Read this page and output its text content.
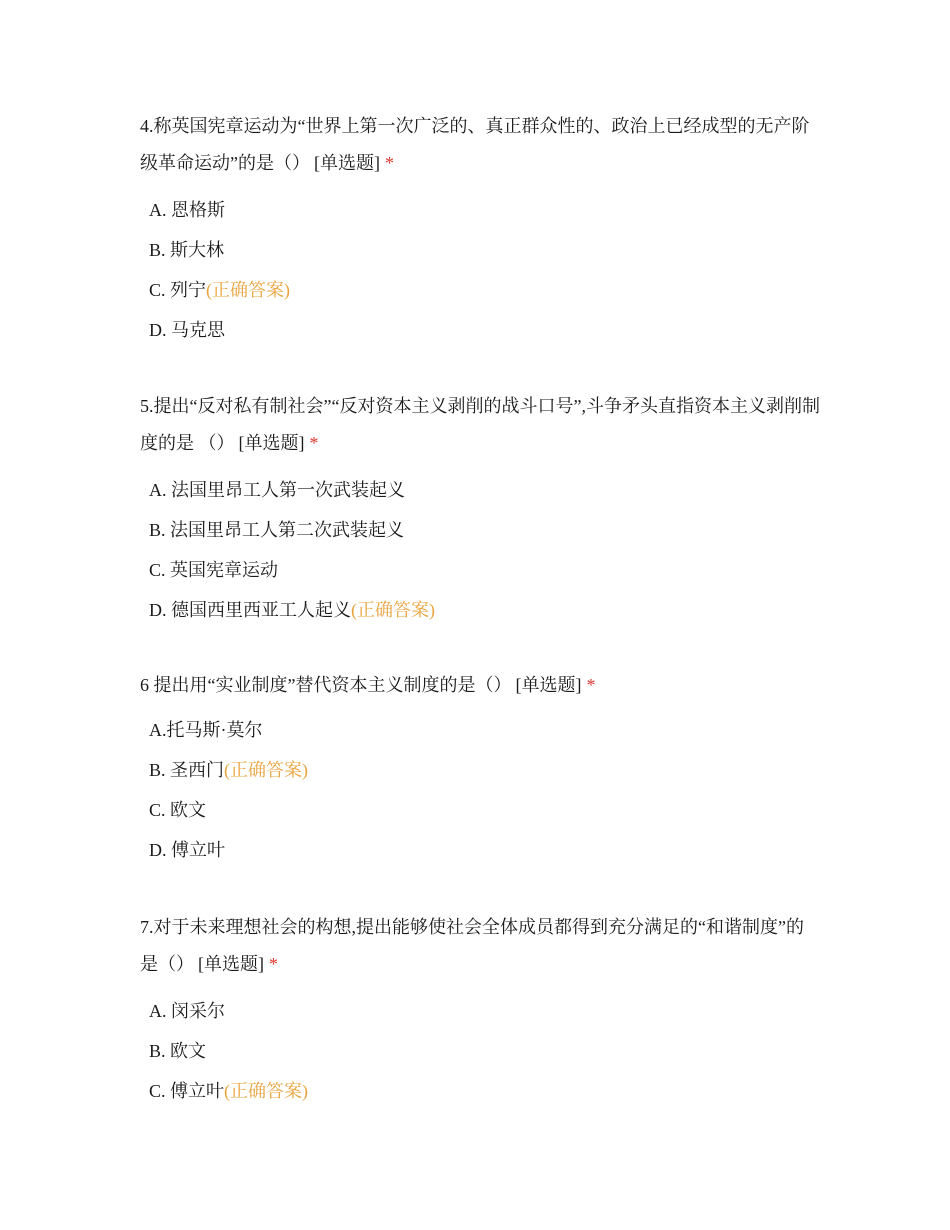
4.称英国宪章运动为“世界上第一次广泛的、真正群众性的、政治上已经成型的无产阶级革命运动”的是（） [单选题] *

A. 恩格斯
B. 斯大林
C. 列宁(正确答案)
D. 马克思

5.提出“反对私有制社会”“反对资本主义剥削的战斗口号”,斗争矛头直指资本主义剥削制度的是 （） [单选题] *

A. 法国里昂工人第一次武装起义
B. 法国里昂工人第二次武装起义
C. 英国宪章运动
D. 德国西里西亚工人起义(正确答案)

6 提出用“实业制度”替代资本主义制度的是（） [单选题] *

A.托马斯·莫尔
B. 圣西门(正确答案)
C. 欧文
D. 傅立叶

7.对于未来理想社会的构想,提出能够使社会全体成员都得到充分满足的“和谐制度”的是（） [单选题] *

A. 闵采尔
B. 欧文
C. 傅立叶(正确答案)
